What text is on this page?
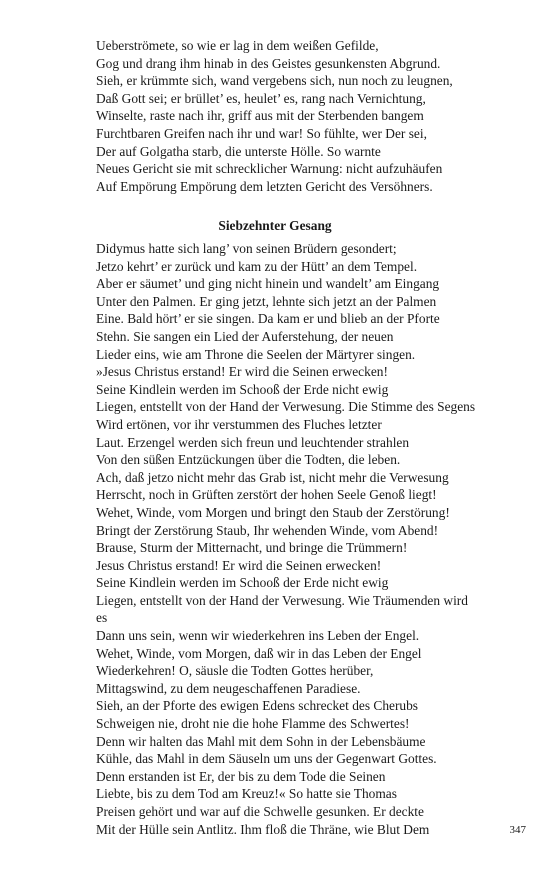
Ueberströmete, so wie er lag in dem weißen Gefilde,
Gog und drang ihm hinab in des Geistes gesunkensten Abgrund.
Sieh, er krümmte sich, wand vergebens sich, nun noch zu leugnen,
Daß Gott sei; er brüllet’ es, heulet’ es, rang nach Vernichtung,
Winselte, raste nach ihr, griff aus mit der Sterbenden bangem
Furchtbaren Greifen nach ihr und war! So fühlte, wer Der sei,
Der auf Golgatha starb, die unterste Hölle. So warnte
Neues Gericht sie mit schrecklicher Warnung: nicht aufzuhäufen
Auf Empörung Empörung dem letzten Gericht des Versöhners.
Siebzehnter Gesang
Didymus hatte sich lang’ von seinen Brüdern gesondert;
Jetzo kehrt’ er zurück und kam zu der Hütt’ an dem Tempel.
Aber er säumet’ und ging nicht hinein und wandelt’ am Eingang
Unter den Palmen. Er ging jetzt, lehnte sich jetzt an der Palmen
Eine. Bald hört’ er sie singen. Da kam er und blieb an der Pforte
Stehn. Sie sangen ein Lied der Auferstehung, der neuen
Lieder eins, wie am Throne die Seelen der Märtyrer singen.
»Jesus Christus erstand! Er wird die Seinen erwecken!
Seine Kindlein werden im Schooß der Erde nicht ewig
Liegen, entstellt von der Hand der Verwesung. Die Stimme des Segens
Wird ertönen, vor ihr verstummen des Fluches letzter
Laut. Erzengel werden sich freun und leuchtender strahlen
Von den süßen Entzückungen über die Todten, die leben.
Ach, daß jetzo nicht mehr das Grab ist, nicht mehr die Verwesung
Herrscht, noch in Grüften zerstört der hohen Seele Genoß liegt!
Wehet, Winde, vom Morgen und bringt den Staub der Zerstörung!
Bringt der Zerstörung Staub, Ihr wehenden Winde, vom Abend!
Brause, Sturm der Mitternacht, und bringe die Trümmern!
Jesus Christus erstand! Er wird die Seinen erwecken!
Seine Kindlein werden im Schooß der Erde nicht ewig
Liegen, entstellt von der Hand der Verwesung. Wie Träumenden wird
es
Dann uns sein, wenn wir wiederkehren ins Leben der Engel.
Wehet, Winde, vom Morgen, daß wir in das Leben der Engel
Wiederkehren! O, säusle die Todten Gottes herüber,
Mittagswind, zu dem neugeschaffenen Paradiese.
Sieh, an der Pforte des ewigen Edens schrecket des Cherubs
Schweigen nie, droht nie die hohe Flamme des Schwertes!
Denn wir halten das Mahl mit dem Sohn in der Lebensbäume
Kühle, das Mahl in dem Säuseln um uns der Gegenwart Gottes.
Denn erstanden ist Er, der bis zu dem Tode die Seinen
Liebte, bis zu dem Tod am Kreuz!« So hatte sie Thomas
Preisen gehört und war auf die Schwelle gesunken. Er deckte
Mit der Hülle sein Antlitz. Ihm floß die Thräne, wie Blut Dem	347
